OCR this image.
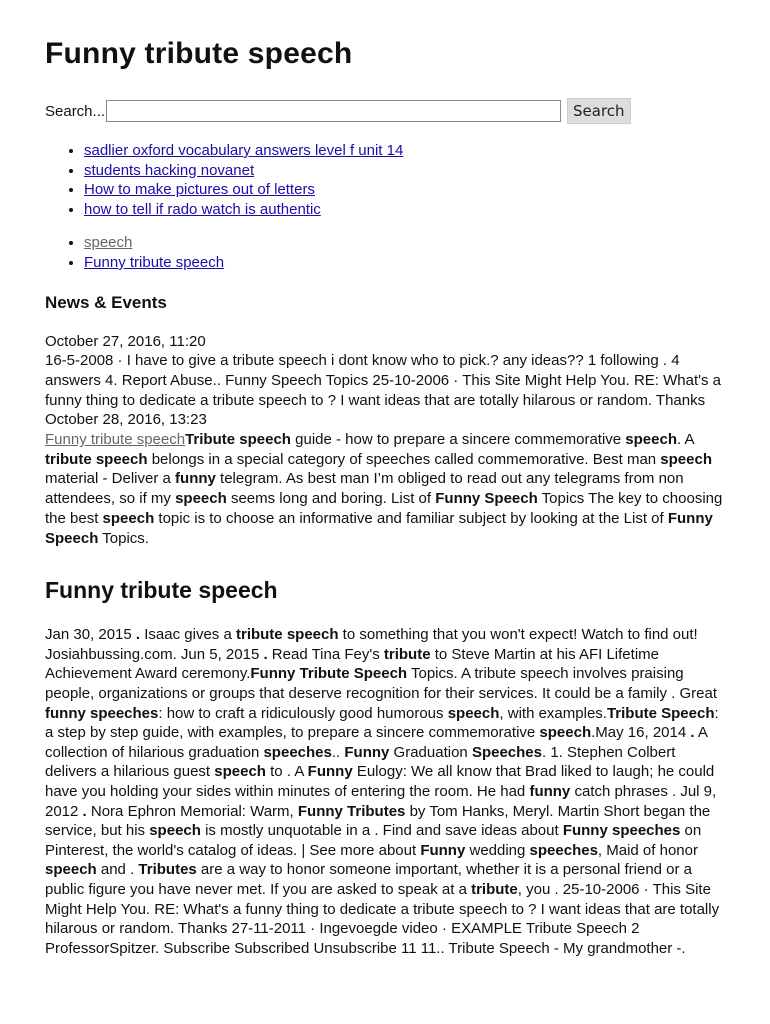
Funny tribute speech
Search...	Search
• sadlier oxford vocabulary answers level f unit 14
• students hacking novanet
• How to make pictures out of letters
• how to tell if rado watch is authentic
• speech
• Funny tribute speech
News & Events

October 27, 2016, 11:20

16-5-2008 · I have to give a tribute speech i dont know who to pick.? any ideas?? 1 following . 4 answers 4. Report Abuse.. Funny Speech Topics 25-10-2006 · This Site Might Help You. RE: What's a funny thing to dedicate a tribute speech to ? I want ideas that are totally hilarous or random. Thanks

October 28, 2016, 13:23

Funny tribute speechTribute speech guide - how to prepare a sincere commemorative speech. A tribute speech belongs in a special category of speeches called commemorative. Best man speech material - Deliver a funny telegram. As best man I’m obliged to read out any telegrams from non attendees, so if my speech seems long and boring. List of Funny Speech Topics The key to choosing the best speech topic is to choose an informative and familiar subject by looking at the List of Funny Speech Topics.

Funny tribute speech

Jan 30, 2015 . Isaac gives a tribute speech to something that you won't expect! Watch to find out! Josiahbussing.com. Jun 5, 2015 . Read Tina Fey's tribute to Steve Martin at his AFI Lifetime Achievement Award ceremony.Funny Tribute Speech Topics. A tribute speech involves praising people, organizations or groups that deserve recognition for their services. It could be a family . Great funny speeches: how to craft a ridiculously good humorous speech, with examples.Tribute Speech: a step by step guide, with examples, to prepare a sincere commemorative speech.May 16, 2014 . A collection of hilarious graduation speeches.. Funny Graduation Speeches. 1. Stephen Colbert delivers a hilarious guest speech to . A Funny Eulogy: We all know that Brad liked to laugh; he could have you holding your sides within minutes of entering the room. He had funny catch phrases . Jul 9, 2012 . Nora Ephron Memorial: Warm, Funny Tributes by Tom Hanks, Meryl. Martin Short began the service, but his speech is mostly unquotable in a . Find and save ideas about Funny speeches on Pinterest, the world's catalog of ideas. | See more about Funny wedding speeches, Maid of honor speech and . Tributes are a way to honor someone important, whether it is a personal friend or a public figure you have never met. If you are asked to speak at a tribute, you . 25-10-2006 · This Site Might Help You. RE: What's a funny thing to dedicate a tribute speech to ? I want ideas that are totally hilarous or random. Thanks 27-11-2011 · Ingevoegde video · EXAMPLE Tribute Speech 2 ProfessorSpitzer. Subscribe Subscribed Unsubscribe 11 11.. Tribute Speech - My grandmother -.
